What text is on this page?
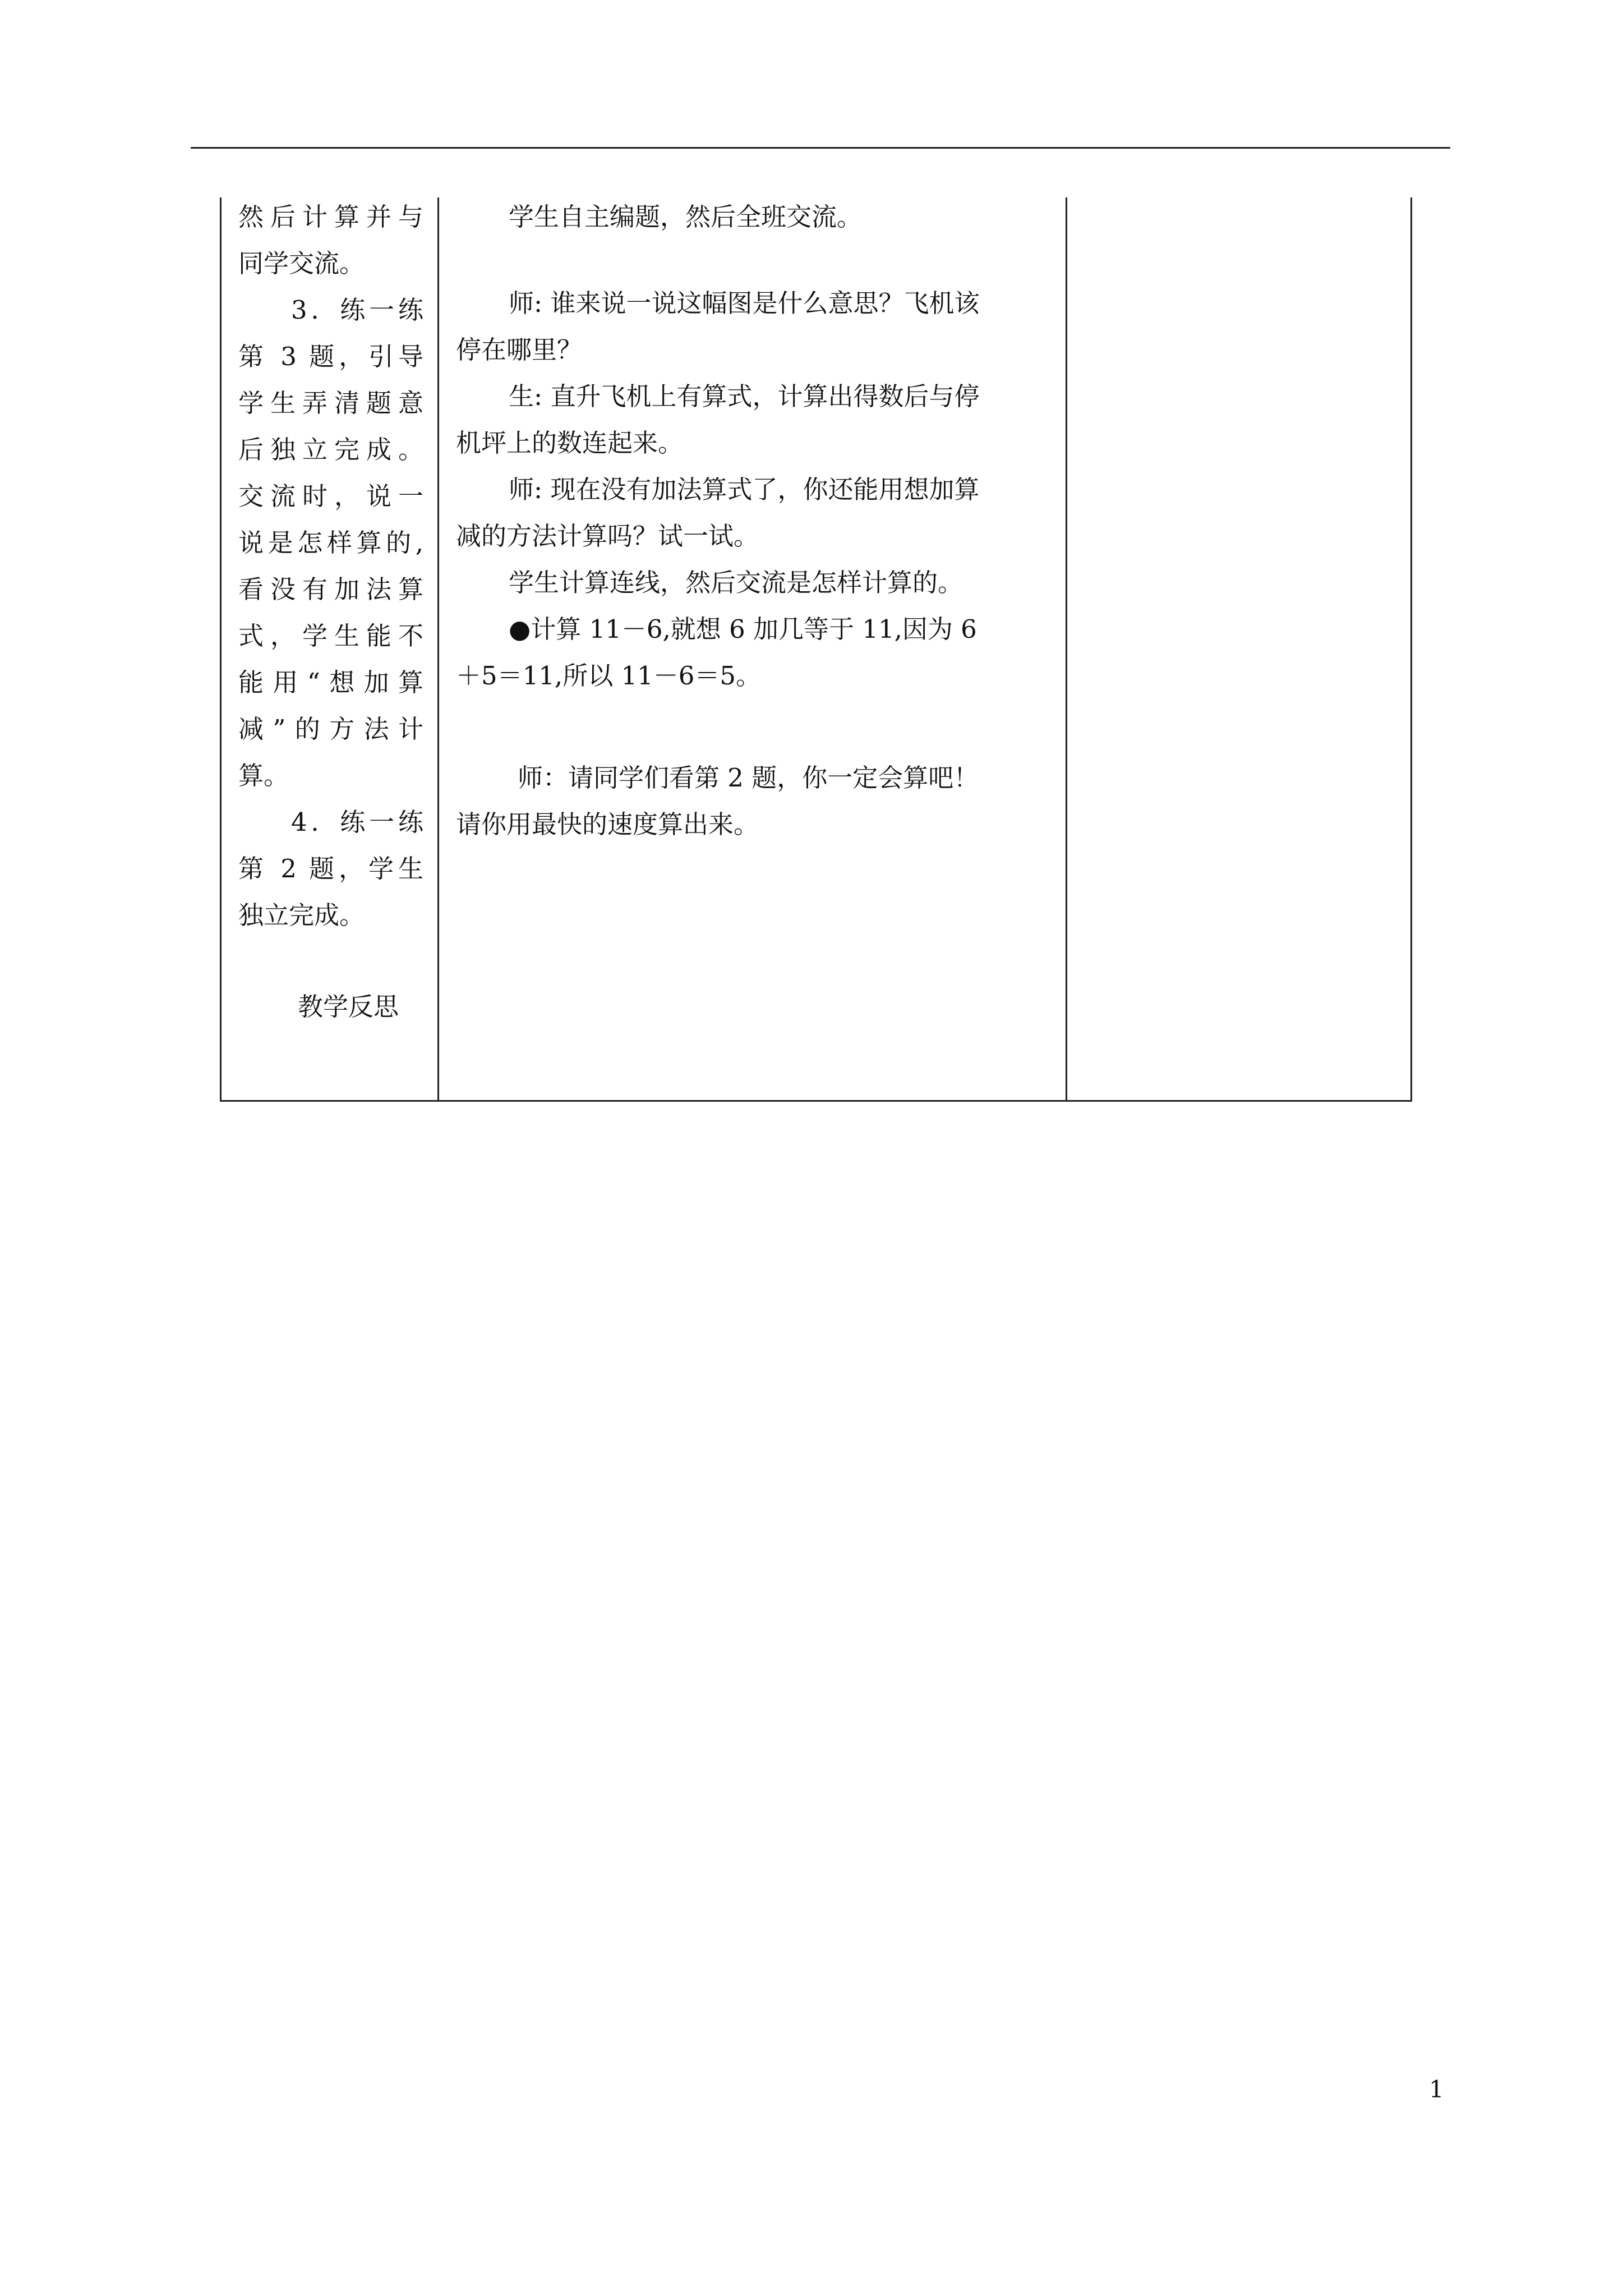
然后计算并与
同学交流。
3．练一练
第 3 题，引导
学生弄清题意
后独立完成。
交流时，说一
说是怎样算的,
看没有加法算
式，学生能不
能用“想加算
减”的方法计
算。
4．练一练
第 2 题，学生
独立完成。
教学反思
学生自主编题，然后全班交流。
师: 谁来说一说这幅图是什么意思？飞机该
停在哪里？
生: 直升飞机上有算式，计算出得数后与停
机坪上的数连起来。
师: 现在没有加法算式了，你还能用想加算
减的方法计算吗？试一试。
学生计算连线，然后交流是怎样计算的。
●计算 11－6,就想 6 加几等于 11,因为 6
＋5＝11,所以 11－6＝5。
师：请同学们看第 2 题，你一定会算吧！
请你用最快的速度算出来。
1
